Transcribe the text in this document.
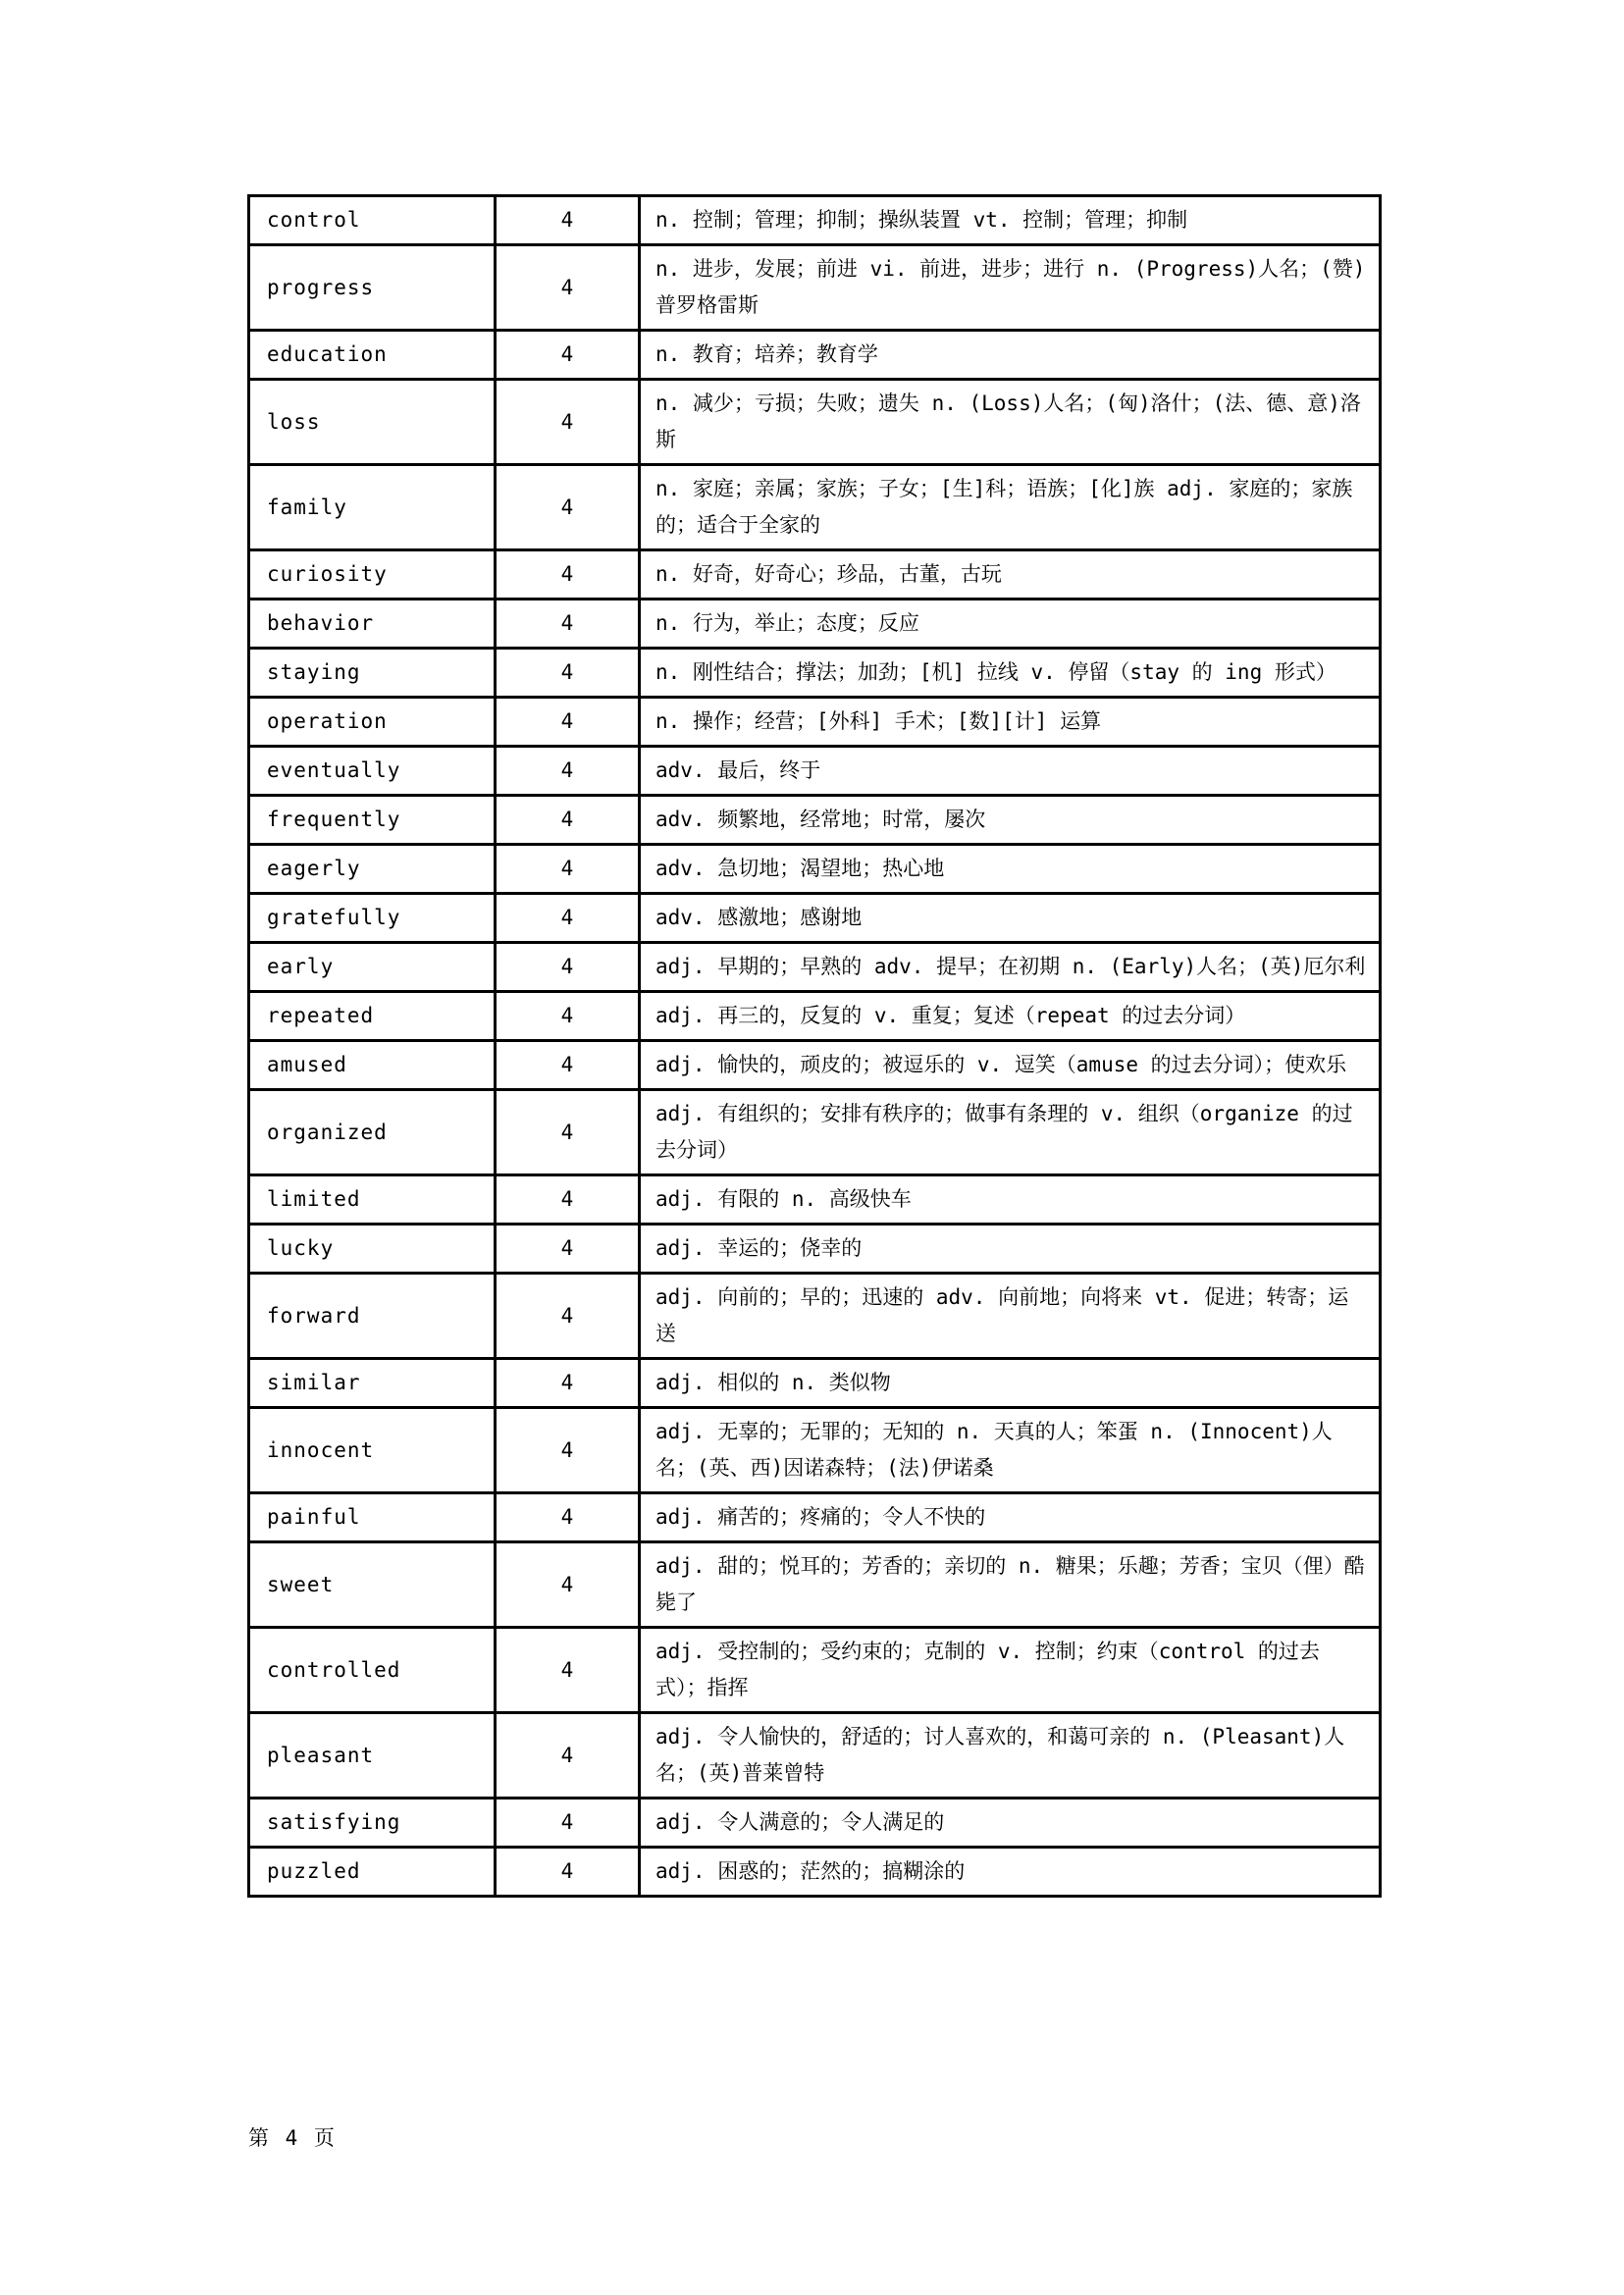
control	4	n. 控制；管理；抑制；操纵装置 vt. 控制；管理；抑制
progress	4	n. 进步，发展；前进 vi. 前进，进步；进行 n. (Progress)人名；(赞)普罗格雷斯
education	4	n. 教育；培养；教育学
loss	4	n. 减少；亏损；失败；遗失 n. (Loss)人名；(匈)洛什；(法、德、意)洛斯
family	4	n. 家庭；亲属；家族；子女；[生]科；语族；[化]族 adj. 家庭的；家族的；适合于全家的
curiosity	4	n. 好奇，好奇心；珍品，古董，古玩
behavior	4	n. 行为，举止；态度；反应
staying	4	n. 刚性结合；撑法；加劲；[机] 拉线 v. 停留（stay 的 ing 形式）
operation	4	n. 操作；经营；[外科] 手术；[数][计] 运算
eventually	4	adv. 最后，终于
frequently	4	adv. 频繁地，经常地；时常，屡次
eagerly	4	adv. 急切地；渴望地；热心地
gratefully	4	adv. 感激地；感谢地
early	4	adj. 早期的；早熟的 adv. 提早；在初期 n. (Early)人名；(英)厄尔利
repeated	4	adj. 再三的，反复的 v. 重复；复述（repeat 的过去分词）
amused	4	adj. 愉快的，顽皮的；被逗乐的 v. 逗笑（amuse 的过去分词）；使欢乐
organized	4	adj. 有组织的；安排有秩序的；做事有条理的 v. 组织（organize 的过去分词）
limited	4	adj. 有限的 n. 高级快车
lucky	4	adj. 幸运的；侥幸的
forward	4	adj. 向前的；早的；迅速的 adv. 向前地；向将来 vt. 促进；转寄；运送
similar	4	adj. 相似的 n. 类似物
innocent	4	adj. 无辜的；无罪的；无知的 n. 天真的人；笨蛋 n. (Innocent)人名；(英、西)因诺森特；(法)伊诺桑
painful	4	adj. 痛苦的；疼痛的；令人不快的
sweet	4	adj. 甜的；悦耳的；芳香的；亲切的 n. 糖果；乐趣；芳香；宝贝（俚）酷毙了
controlled	4	adj. 受控制的；受约束的；克制的 v. 控制；约束（control 的过去式）；指挥
pleasant	4	adj. 令人愉快的，舒适的；讨人喜欢的，和蔼可亲的 n. (Pleasant)人名；(英)普莱曾特
satisfying	4	adj. 令人满意的；令人满足的
puzzled	4	adj. 困惑的；茫然的；搞糊涂的
第 4 页
